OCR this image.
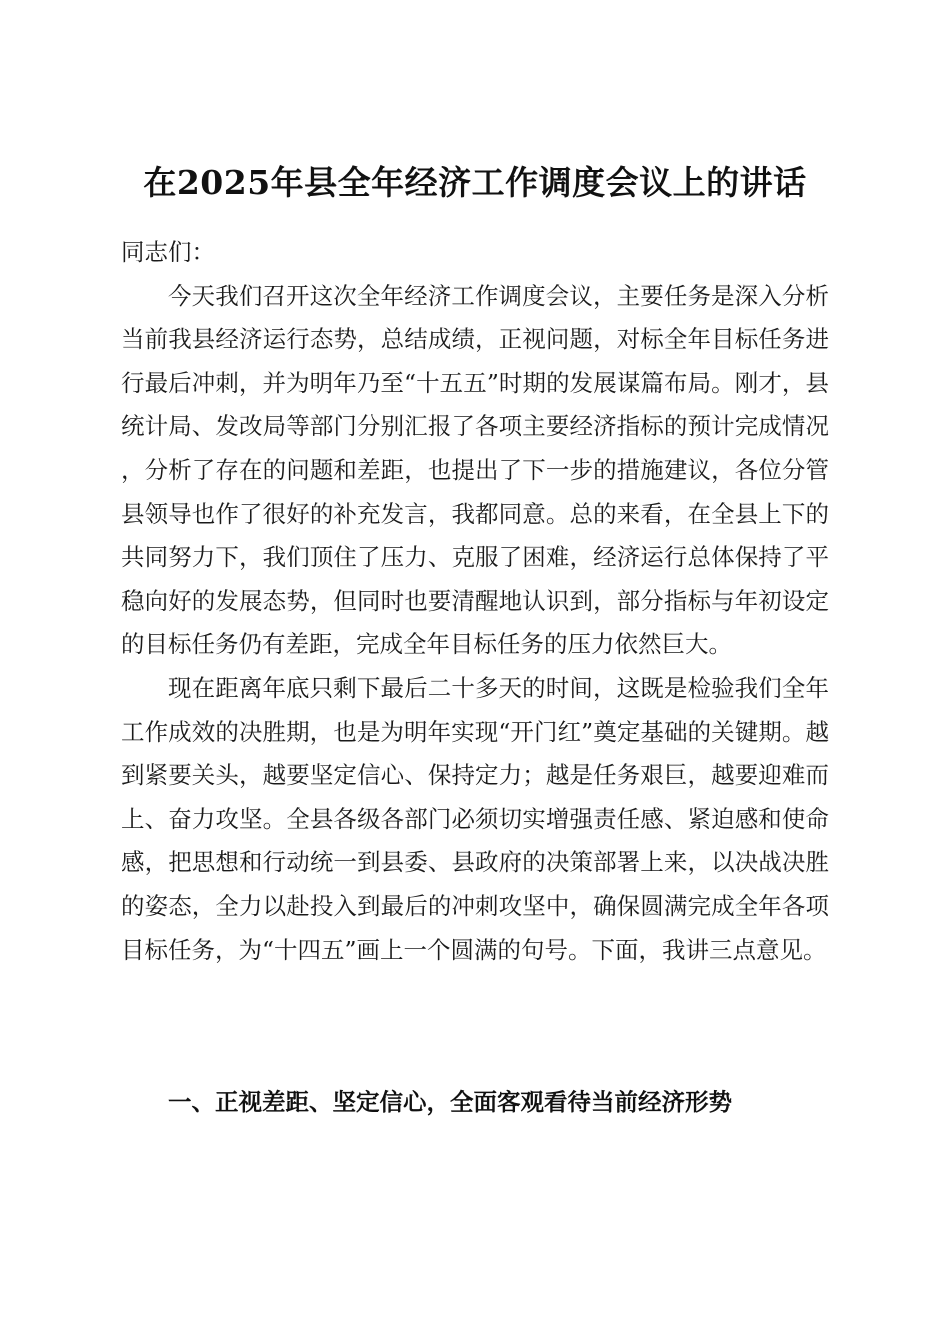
在2025年县全年经济工作调度会议上的讲话

同志们：

今天我们召开这次全年经济工作调度会议，主要任务是深入分析当前我县经济运行态势，总结成绩，正视问题，对标全年目标任务进行最后冲刺，并为明年乃至“十五五”时期的发展谋篇布局。刚才，县统计局、发改局等部门分别汇报了各项主要经济指标的预计完成情况，分析了存在的问题和差距，也提出了下一步的措施建议，各位分管县领导也作了很好的补充发言，我都同意。总的来看，在全县上下的共同努力下，我们顶住了压力、克服了困难，经济运行总体保持了平稳向好的发展态势，但同时也要清醒地认识到，部分指标与年初设定的目标任务仍有差距，完成全年目标任务的压力依然巨大。

现在距离年底只剩下最后二十多天的时间，这既是检验我们全年工作成效的决胜期，也是为明年实现“开门红”奠定基础的关键期。越到紧要关头，越要坚定信心、保持定力；越是任务艰巨，越要迎难而上、奋力攻坚。全县各级各部门必须切实增强责任感、紧迫感和使命感，把思想和行动统一到县委、县政府的决策部署上来，以决战决胜的姿态，全力以赴投入到最后的冲刺攻坚中，确保圆满完成全年各项目标任务，为“十四五”画上一个圆满的句号。下面，我讲三点意见。

一、正视差距、坚定信心，全面客观看待当前经济形势
